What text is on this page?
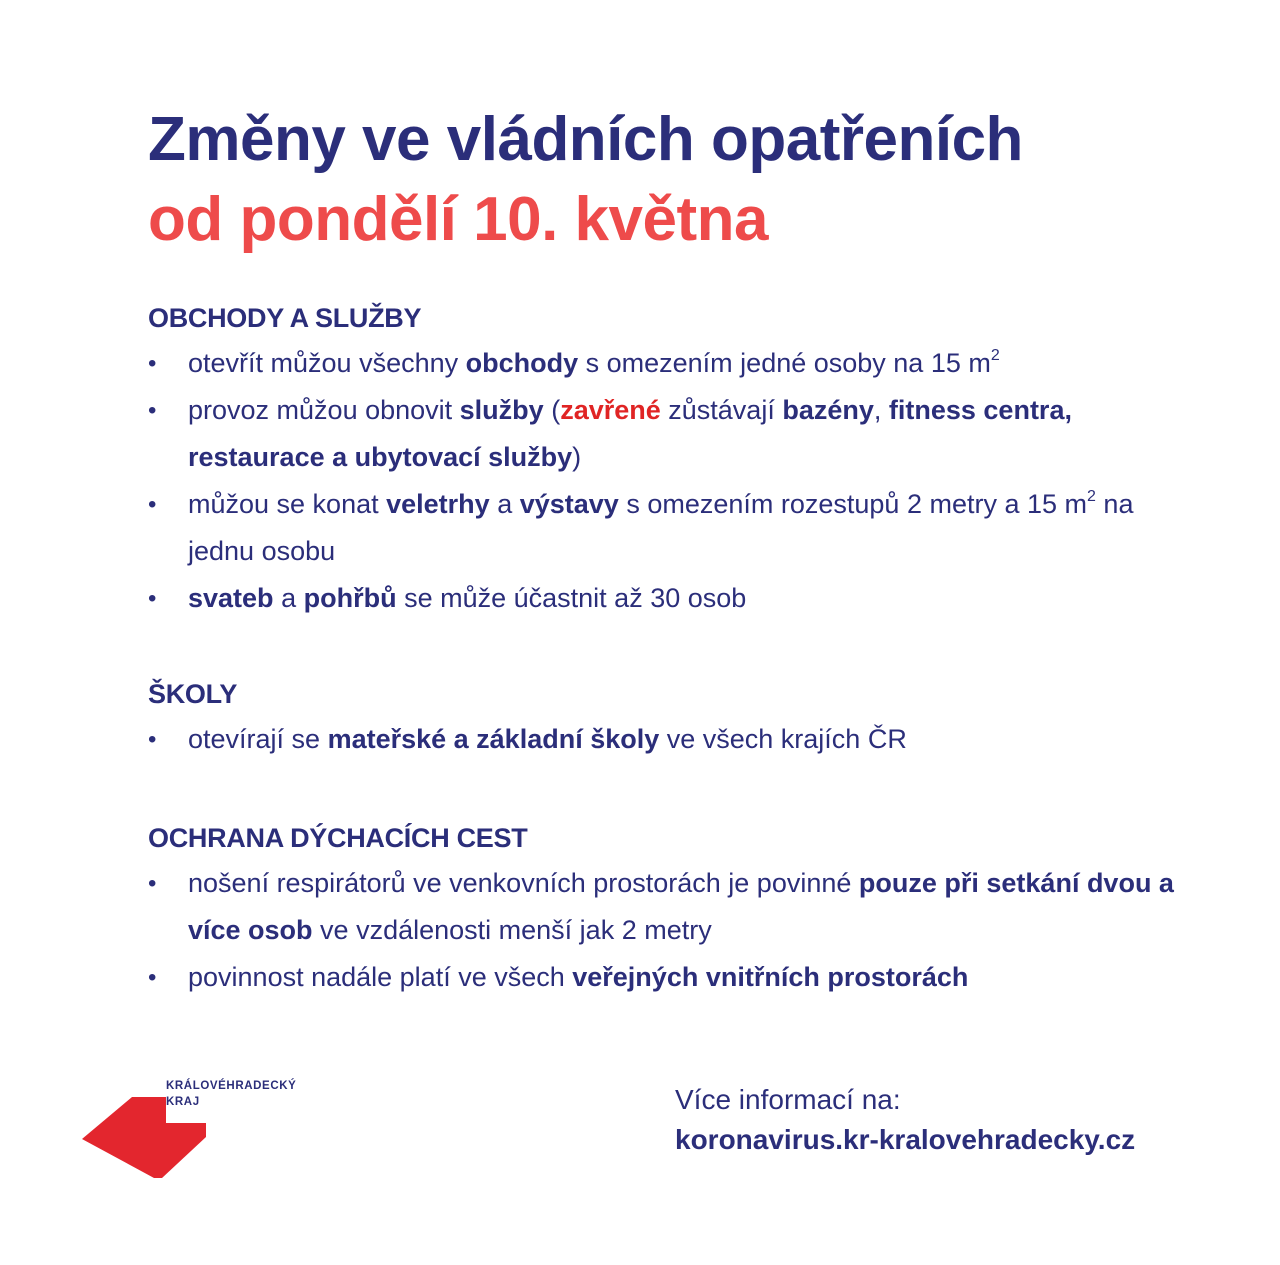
Změny ve vládních opatřeních
od pondělí 10. května
OBCHODY A SLUŽBY
• otevřít můžou všechny obchody s omezením jedné osoby na 15 $m^2$
• provoz můžou obnovit služby (zavřené zůstávají bazény, fitness centra, restaurace a ubytovací služby)
• můžou se konat veletrhy a výstavy s omezením rozestupů 2 metry a 15 $m^2$ na jednu osobu
• svateb a pohřbů se může účastnit až 30 osob
ŠKOLY
• otevírají se mateřské a základní školy ve všech krajích ČR
OCHRANA DÝCHACÍCH CEST
• nošení respirátorů ve venkovních prostorách je povinné pouze při setkání dvou a více osob ve vzdálenosti menší jak 2 metry
• povinnost nadále platí ve všech veřejných vnitřních prostorách
KRÁLOVÉHRADECKÝ
KRAJ	Více informací na:
koronavirus.kr-kralovehradecky.cz
